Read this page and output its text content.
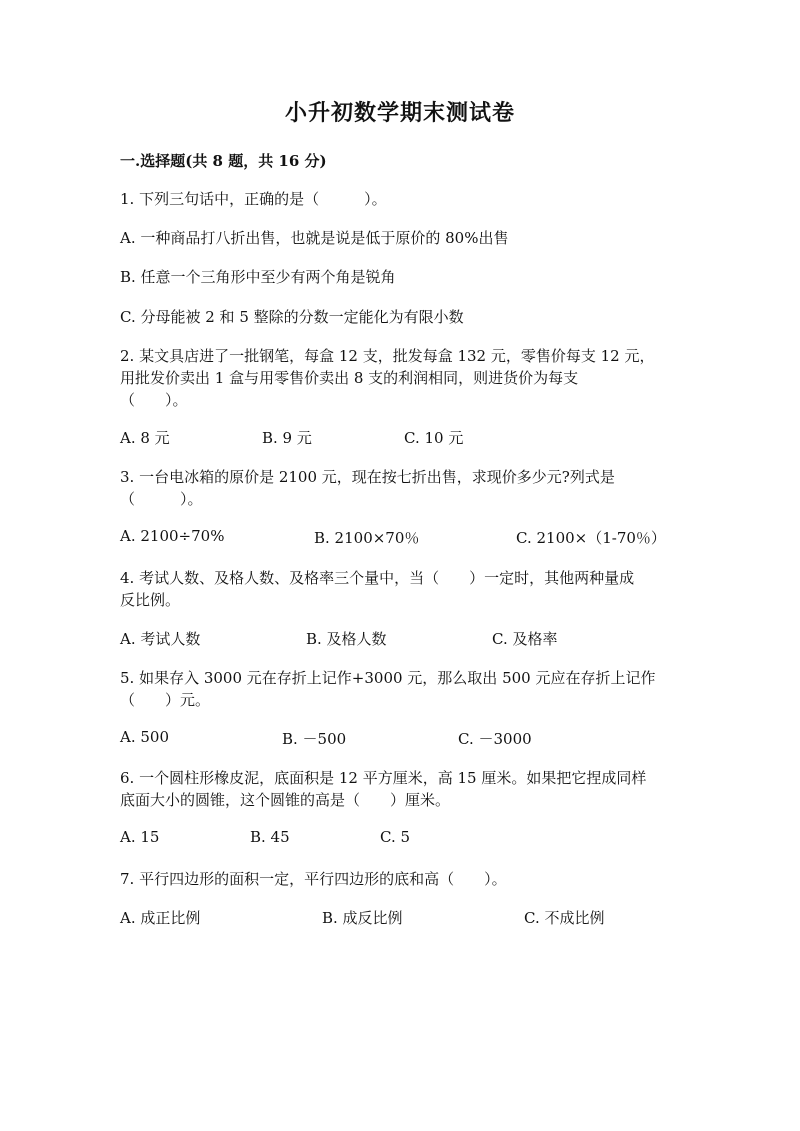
小升初数学期末测试卷
一.选择题(共 8 题，共 16 分)
1. 下列三句话中，正确的是（　　　）。
A. 一种商品打八折出售，也就是说是低于原价的 80%出售
B. 任意一个三角形中至少有两个角是锐角
C. 分母能被 2 和 5 整除的分数一定能化为有限小数
2. 某文具店进了一批钢笔，每盒 12 支，批发每盒 132 元，零售价每支 12 元，
用批发价卖出 1 盒与用零售价卖出 8 支的利润相同，则进货价为每支
（　　）。
A. 8 元	B. 9 元	C. 10 元
3. 一台电冰箱的原价是 2100 元，现在按七折出售，求现价多少元?列式是
（　　　）。
A. 2100÷70%	B. 2100×70％	C. 2100×（1-70％）
4. 考试人数、及格人数、及格率三个量中，当（　　）一定时，其他两种量成
反比例。
A. 考试人数	B. 及格人数	C. 及格率
5. 如果存入 3000 元在存折上记作+3000 元，那么取出 500 元应在存折上记作
（　　）元。
A. 500	B. －500	C. －3000
6. 一个圆柱形橡皮泥，底面积是 12 平方厘米，高 15 厘米。如果把它捏成同样
底面大小的圆锥，这个圆锥的高是（　　）厘米。
A. 15	B. 45	C. 5
7. 平行四边形的面积一定，平行四边形的底和高（　　）。
A. 成正比例	B. 成反比例	C. 不成比例
